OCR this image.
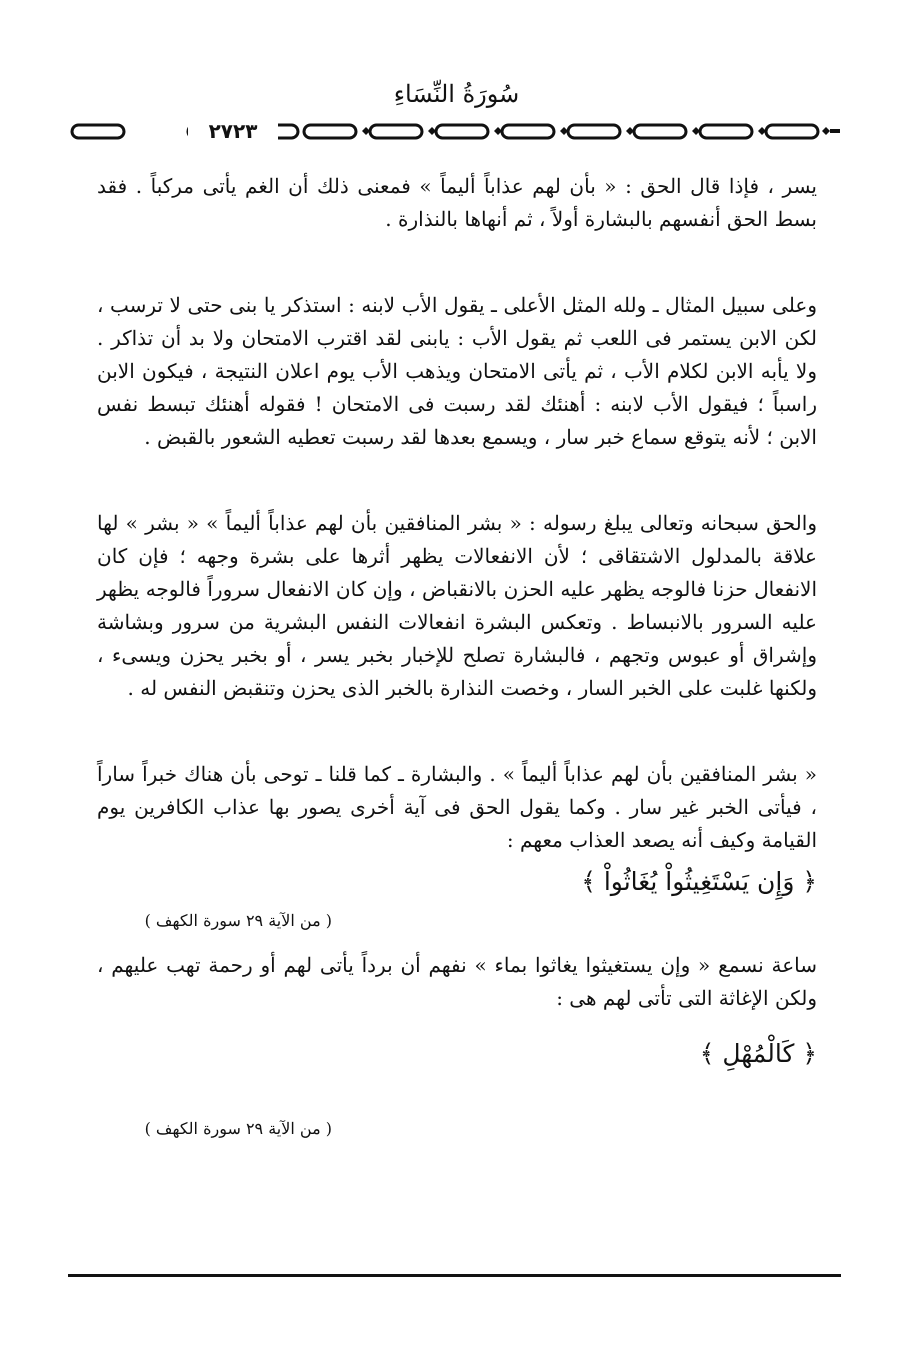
سُورَةُ النِّسَاءِ
٢٧٢٣

يسر ، فإذا قال الحق : « بأن لهم عذاباً أليماً » فمعنى ذلك أن الغم يأتى مركباً . فقد بسط الحق أنفسهم بالبشارة أولاً ، ثم أنهاها بالنذارة .

وعلى سبيل المثال ـ ولله المثل الأعلى ـ يقول الأب لابنه : استذكر يا بنى حتى لا ترسب ، لكن الابن يستمر فى اللعب ثم يقول الأب : يابنى لقد اقترب الامتحان ولا بد أن تذاكر . ولا يأبه الابن لكلام الأب ، ثم يأتى الامتحان ويذهب الأب يوم اعلان النتيجة ، فيكون الابن راسباً ؛ فيقول الأب لابنه : أهنئك لقد رسبت فى الامتحان ! فقوله أهنئك تبسط نفس الابن ؛ لأنه يتوقع سماع خبر سار ، ويسمع بعدها لقد رسبت تعطيه الشعور بالقبض .

والحق سبحانه وتعالى يبلغ رسوله : « بشر المنافقين بأن لهم عذاباً أليماً » « بشر » لها علاقة بالمدلول الاشتقاقى ؛ لأن الانفعالات يظهر أثرها على بشرة وجهه ؛ فإن كان الانفعال حزنا فالوجه يظهر عليه الحزن بالانقباض ، وإن كان الانفعال سروراً فالوجه يظهر عليه السرور بالانبساط . وتعكس البشرة انفعالات النفس البشرية من سرور وبشاشة وإشراق أو عبوس وتجهم ، فالبشارة تصلح للإخبار بخبر يسر ، أو بخبر يحزن ويسىء ، ولكنها غلبت على الخبر السار ، وخصت النذارة بالخبر الذى يحزن وتنقبض النفس له .

« بشر المنافقين بأن لهم عذاباً أليماً » . والبشارة ـ كما قلنا ـ توحى بأن هناك خبراً ساراً ، فيأتى الخبر غير سار . وكما يقول الحق فى آية أخرى يصور بها عذاب الكافرين يوم القيامة وكيف أنه يصعد العذاب معهم :

﴿ وَإِن يَسْتَغِيثُواْ يُغَاثُواْ ﴾

( من الآية ٢٩ سورة الكهف )

ساعة نسمع « وإن يستغيثوا يغاثوا بماء » نفهم أن برداً يأتى لهم أو رحمة تهب عليهم ، ولكن الإغاثة التى تأتى لهم هى :

﴿ كَالْمُهْلِ ﴾

( من الآية ٢٩ سورة الكهف )
